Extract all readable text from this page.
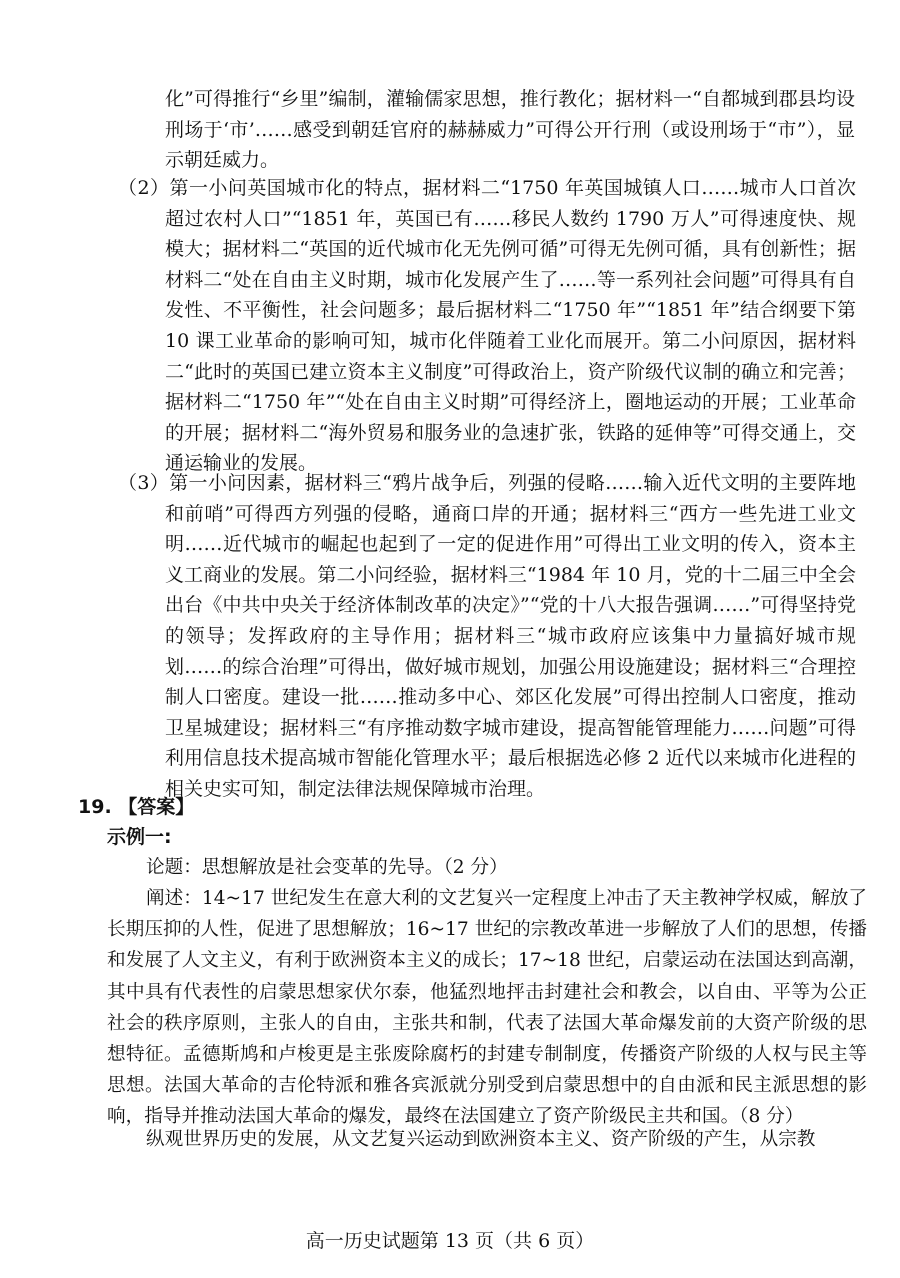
化”可得推行“乡里”编制，灌输儒家思想，推行教化；据材料一“自都城到郡县均设刑场于‘市’……感受到朝廷官府的赫赫威力”可得公开行刑（或设刑场于“市”），显示朝廷威力。
（2）第一小问英国城市化的特点，据材料二“1750 年英国城镇人口……城市人口首次超过农村人口”“1851 年，英国已有……移民人数约 1790 万人”可得速度快、规模大；据材料二“英国的近代城市化无先例可循”可得无先例可循，具有创新性；据材料二“处在自由主义时期，城市化发展产生了……等一系列社会问题”可得具有自发性、不平衡性，社会问题多；最后据材料二“1750 年”“1851 年”结合纲要下第 10 课工业革命的影响可知，城市化伴随着工业化而展开。第二小问原因，据材料二“此时的英国已建立资本主义制度”可得政治上，资产阶级代议制的确立和完善；据材料二“1750 年”“处在自由主义时期”可得经济上，圈地运动的开展；工业革命的开展；据材料二“海外贸易和服务业的急速扩张，铁路的延伸等”可得交通上，交通运输业的发展。
（3）第一小问因素，据材料三“鸦片战争后，列强的侵略……输入近代文明的主要阵地和前哨”可得西方列强的侵略，通商口岸的开通；据材料三“西方一些先进工业文明……近代城市的崛起也起到了一定的促进作用”可得出工业文明的传入，资本主义工商业的发展。第二小问经验，据材料三“1984 年 10 月，党的十二届三中全会出台《中共中央关于经济体制改革的决定》”“党的十八大报告强调……”可得坚持党的领导；发挥政府的主导作用；据材料三“城市政府应该集中力量搞好城市规划……的综合治理”可得出，做好城市规划，加强公用设施建设；据材料三“合理控制人口密度。建设一批……推动多中心、郊区化发展”可得出控制人口密度，推动卫星城建设；据材料三“有序推动数字城市建设，提高智能管理能力……问题”可得利用信息技术提高城市智能化管理水平；最后根据选必修 2 近代以来城市化进程的相关史实可知，制定法律法规保障城市治理。
19. 【答案】
示例一:
论题：思想解放是社会变革的先导。（2 分）
阐述：14~17 世纪发生在意大利的文艺复兴一定程度上冲击了天主教神学权威，解放了长期压抑的人性，促进了思想解放；16~17 世纪的宗教改革进一步解放了人们的思想，传播和发展了人文主义，有利于欧洲资本主义的成长；17~18 世纪，启蒙运动在法国达到高潮，其中具有代表性的启蒙思想家伏尔泰，他猛烈地抨击封建社会和教会，以自由、平等为公正社会的秩序原则，主张人的自由，主张共和制，代表了法国大革命爆发前的大资产阶级的思想特征。孟德斯鸠和卢梭更是主张废除腐朽的封建专制制度，传播资产阶级的人权与民主等思想。法国大革命的吉伦特派和雅各宾派就分别受到启蒙思想中的自由派和民主派思想的影响，指导并推动法国大革命的爆发，最终在法国建立了资产阶级民主共和国。（8 分）
纵观世界历史的发展，从文艺复兴运动到欧洲资本主义、资产阶级的产生，从宗教
高一历史试题第 13 页（共 6 页）
